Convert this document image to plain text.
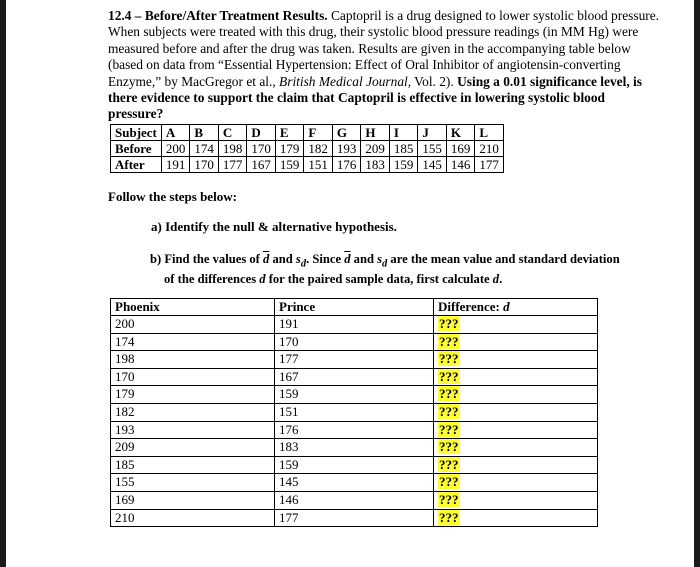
12.4 – Before/After Treatment Results. Captopril is a drug designed to lower systolic blood pressure. When subjects were treated with this drug, their systolic blood pressure readings (in MM Hg) were measured before and after the drug was taken. Results are given in the accompanying table below (based on data from “Essential Hypertension: Effect of Oral Inhibitor of angiotensin-converting Enzyme,” by MacGregor et al., British Medical Journal, Vol. 2). Using a 0.01 significance level, is there evidence to support the claim that Captopril is effective in lowering systolic blood pressure?
Subject	A	B	C	D	E	F	G	H	I	J	K	L
Before	200	174	198	170	179	182	193	209	185	155	169	210
After	191	170	177	167	159	151	176	183	159	145	146	177
Follow the steps below:
a) Identify the null & alternative hypothesis.
b) Find the values of $\overline{d}$ and $s_d$. Since $\overline{d}$ and $s_d$ are the mean value and standard deviation
of the differences d for the paired sample data, first calculate d.
Phoenix	Prince	Difference: d
200	191	???
174	170	???
198	177	???
170	167	???
179	159	???
182	151	???
193	176	???
209	183	???
185	159	???
155	145	???
169	146	???
210	177	???
